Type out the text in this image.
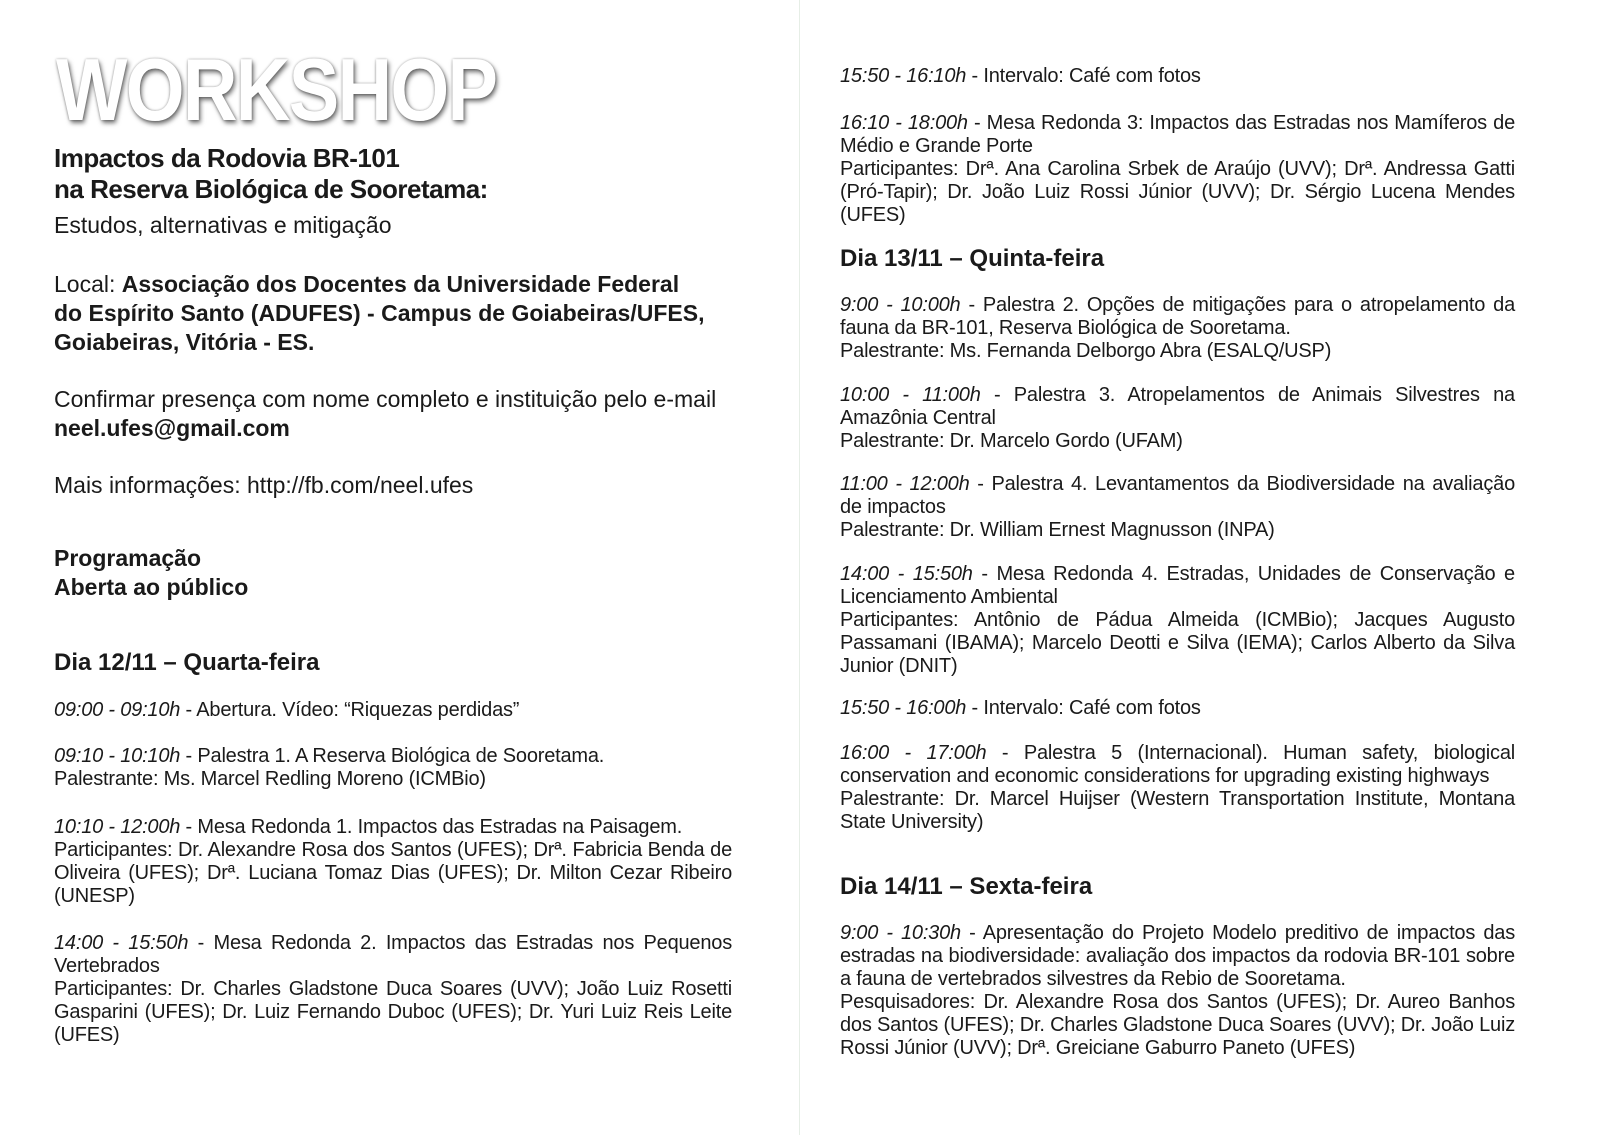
WORKSHOP
Impactos da Rodovia BR-101
na Reserva Biológica de Sooretama:
Estudos, alternativas e mitigação
Local: Associação dos Docentes da Universidade Federal
do Espírito Santo (ADUFES) - Campus de Goiabeiras/UFES,
Goiabeiras, Vitória - ES.
Confirmar presença com nome completo e instituição pelo e-mail
neel.ufes@gmail.com
Mais informações: http://fb.com/neel.ufes
Programação
Aberta ao público
Dia 12/11 – Quarta-feira
09:00 - 09:10h - Abertura. Vídeo: “Riquezas perdidas”
09:10 - 10:10h - Palestra 1. A Reserva Biológica de Sooretama.
Palestrante: Ms. Marcel Redling Moreno (ICMBio)
10:10 - 12:00h - Mesa Redonda 1. Impactos das Estradas na Paisagem.
Participantes: Dr. Alexandre Rosa dos Santos (UFES); Drª. Fabricia Benda de Oliveira (UFES); Drª. Luciana Tomaz Dias (UFES); Dr. Milton Cezar Ribeiro (UNESP)
14:00 - 15:50h - Mesa Redonda 2. Impactos das Estradas nos Pequenos Vertebrados
Participantes: Dr. Charles Gladstone Duca Soares (UVV); João Luiz Rosetti Gasparini (UFES); Dr. Luiz Fernando Duboc (UFES); Dr. Yuri Luiz Reis Leite (UFES)
15:50 - 16:10h - Intervalo: Café com fotos
16:10 - 18:00h - Mesa Redonda 3: Impactos das Estradas nos Mamíferos de Médio e Grande Porte
Participantes: Drª. Ana Carolina Srbek de Araújo (UVV); Drª. Andressa Gatti (Pró-Tapir); Dr. João Luiz Rossi Júnior (UVV); Dr. Sérgio Lucena Mendes (UFES)
Dia 13/11 – Quinta-feira
9:00 - 10:00h - Palestra 2. Opções de mitigações para o atropelamento da fauna da BR-101, Reserva Biológica de Sooretama.
Palestrante: Ms. Fernanda Delborgo Abra (ESALQ/USP)
10:00 - 11:00h - Palestra 3. Atropelamentos de Animais Silvestres na Amazônia Central
Palestrante: Dr. Marcelo Gordo (UFAM)
11:00 - 12:00h - Palestra 4. Levantamentos da Biodiversidade na avaliação de impactos
Palestrante: Dr. William Ernest Magnusson (INPA)
14:00 - 15:50h - Mesa Redonda 4. Estradas, Unidades de Conservação e Licenciamento Ambiental
Participantes: Antônio de Pádua Almeida (ICMBio); Jacques Augusto Passamani (IBAMA); Marcelo Deotti e Silva (IEMA); Carlos Alberto da Silva Junior (DNIT)
15:50 - 16:00h - Intervalo: Café com fotos
16:00 - 17:00h - Palestra 5 (Internacional). Human safety, biological conservation and economic considerations for upgrading existing highways
Palestrante: Dr. Marcel Huijser (Western Transportation Institute, Montana State University)
Dia 14/11 – Sexta-feira
9:00 - 10:30h - Apresentação do Projeto Modelo preditivo de impactos das estradas na biodiversidade: avaliação dos impactos da rodovia BR-101 sobre a fauna de vertebrados silvestres da Rebio de Sooretama.
Pesquisadores: Dr. Alexandre Rosa dos Santos (UFES); Dr. Aureo Banhos dos Santos (UFES); Dr. Charles Gladstone Duca Soares (UVV); Dr. João Luiz Rossi Júnior (UVV); Drª. Greiciane Gaburro Paneto (UFES)
